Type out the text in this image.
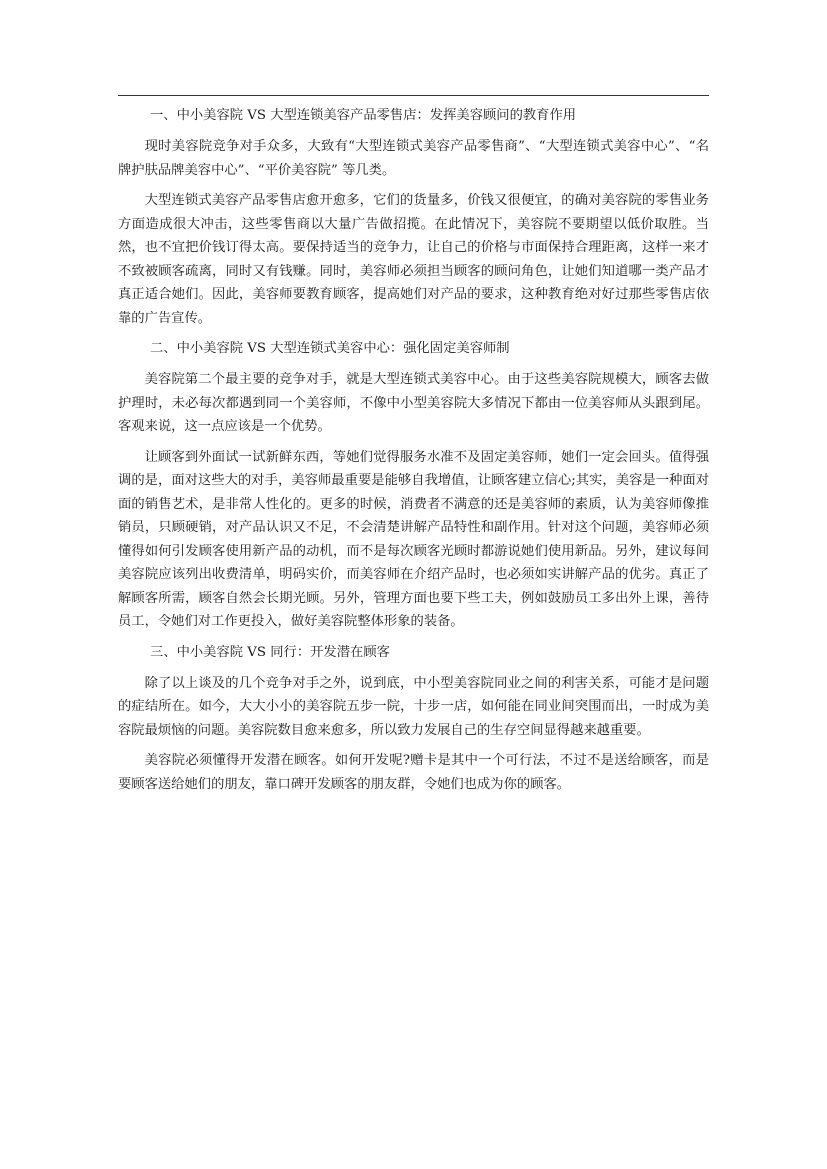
一、中小美容院 VS 大型连锁美容产品零售店：发挥美容顾问的教育作用

现时美容院竞争对手众多，大致有“大型连锁式美容产品零售商”、“大型连锁式美容中心”、“名牌护肤品牌美容中心”、“平价美容院” 等几类。

大型连锁式美容产品零售店愈开愈多，它们的货量多，价钱又很便宜，的确对美容院的零售业务方面造成很大冲击，这些零售商以大量广告做招揽。在此情况下，美容院不要期望以低价取胜。当然，也不宜把价钱订得太高。要保持适当的竞争力，让自己的价格与市面保持合理距离，这样一来才不致被顾客疏离，同时又有钱赚。同时，美容师必须担当顾客的顾问角色，让她们知道哪一类产品才真正适合她们。因此，美容师要教育顾客，提高她们对产品的要求，这种教育绝对好过那些零售店依靠的广告宣传。

二、中小美容院 VS 大型连锁式美容中心：强化固定美容师制

美容院第二个最主要的竞争对手，就是大型连锁式美容中心。由于这些美容院规模大，顾客去做护理时，未必每次都遇到同一个美容师，不像中小型美容院大多情况下都由一位美容师从头跟到尾。客观来说，这一点应该是一个优势。

让顾客到外面试一试新鲜东西，等她们觉得服务水准不及固定美容师，她们一定会回头。值得强调的是，面对这些大的对手，美容师最重要是能够自我增值，让顾客建立信心;其实，美容是一种面对面的销售艺术，是非常人性化的。更多的时候，消费者不满意的还是美容师的素质，认为美容师像推销员，只顾硬销，对产品认识又不足，不会清楚讲解产品特性和副作用。针对这个问题，美容师必须懂得如何引发顾客使用新产品的动机，而不是每次顾客光顾时都游说她们使用新品。另外，建议每间美容院应该列出收费清单，明码实价，而美容师在介绍产品时，也必须如实讲解产品的优劣。真正了解顾客所需，顾客自然会长期光顾。另外，管理方面也要下些工夫，例如鼓励员工多出外上课，善待员工，令她们对工作更投入，做好美容院整体形象的装备。

三、中小美容院 VS 同行：开发潜在顾客

除了以上谈及的几个竞争对手之外，说到底，中小型美容院同业之间的利害关系，可能才是问题的症结所在。如今，大大小小的美容院五步一院，十步一店，如何能在同业间突围而出，一时成为美容院最烦恼的问题。美容院数目愈来愈多，所以致力发展自己的生存空间显得越来越重要。

美容院必须懂得开发潜在顾客。如何开发呢?赠卡是其中一个可行法，不过不是送给顾客，而是要顾客送给她们的朋友，靠口碑开发顾客的朋友群，令她们也成为你的顾客。
